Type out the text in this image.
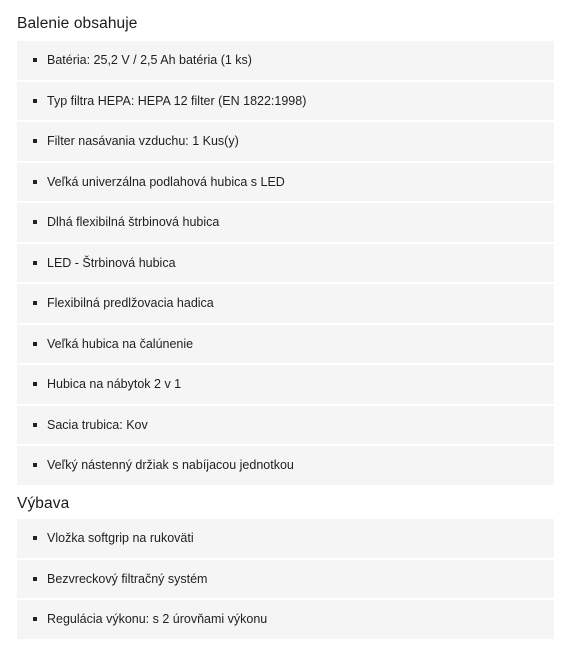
Balenie obsahuje
Batéria: 25,2 V / 2,5 Ah batéria (1 ks)
Typ filtra HEPA: HEPA 12 filter (EN 1822:1998)
Filter nasávania vzduchu: 1 Kus(y)
Veľká univerzálna podlahová hubica s LED
Dlhá flexibilná štrbinová hubica
LED - Štrbinová hubica
Flexibilná predlžovacia hadica
Veľká hubica na čalúnenie
Hubica na nábytok 2 v 1
Sacia trubica: Kov
Veľký nástenný držiak s nabíjacou jednotkou
Výbava
Vložka softgrip na rukoväti
Bezvreckový filtračný systém
Regulácia výkonu: s 2 úrovňami výkonu
